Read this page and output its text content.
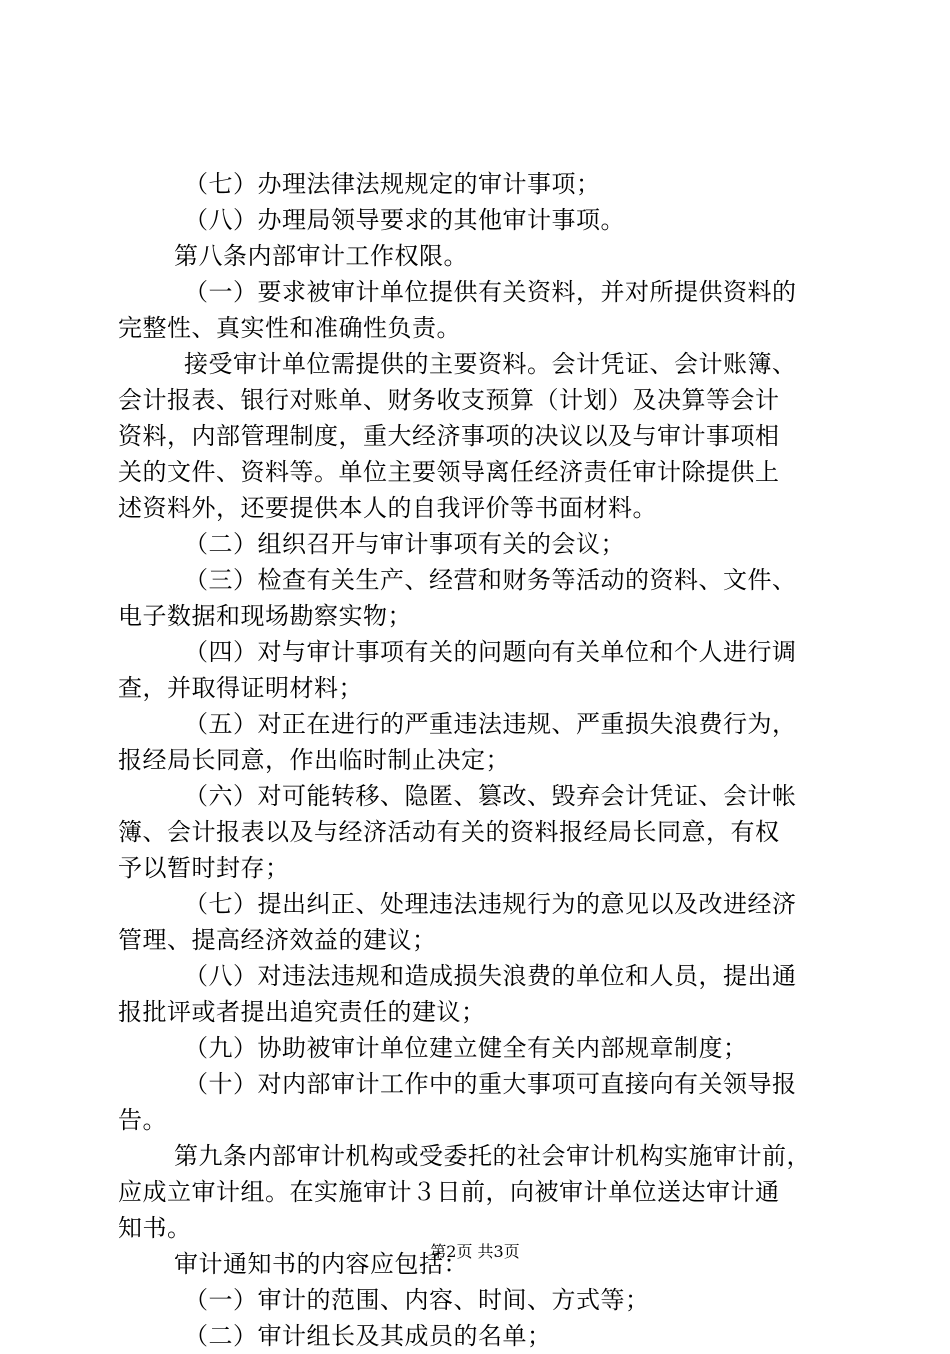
（七）办理法律法规规定的审计事项；
（八）办理局领导要求的其他审计事项。
第八条内部审计工作权限。
（一）要求被审计单位提供有关资料，并对所提供资料的
完整性、真实性和准确性负责。
接受审计单位需提供的主要资料。会计凭证、会计账簿、
会计报表、银行对账单、财务收支预算（计划）及决算等会计
资料，内部管理制度，重大经济事项的决议以及与审计事项相
关的文件、资料等。单位主要领导离任经济责任审计除提供上
述资料外，还要提供本人的自我评价等书面材料。
（二）组织召开与审计事项有关的会议；
（三）检查有关生产、经营和财务等活动的资料、文件、
电子数据和现场勘察实物；
（四）对与审计事项有关的问题向有关单位和个人进行调
查，并取得证明材料；
（五）对正在进行的严重违法违规、严重损失浪费行为，
报经局长同意，作出临时制止决定；
（六）对可能转移、隐匿、篡改、毁弃会计凭证、会计帐
簿、会计报表以及与经济活动有关的资料报经局长同意，有权
予以暂时封存；
（七）提出纠正、处理违法违规行为的意见以及改进经济
管理、提高经济效益的建议；
（八）对违法违规和造成损失浪费的单位和人员，提出通
报批评或者提出追究责任的建议；
（九）协助被审计单位建立健全有关内部规章制度；
（十）对内部审计工作中的重大事项可直接向有关领导报
告。
第九条内部审计机构或受委托的社会审计机构实施审计前，
应成立审计组。在实施审计３日前，向被审计单位送达审计通
知书。
审计通知书的内容应包括：
（一）审计的范围、内容、时间、方式等；
（二）审计组长及其成员的名单；
第2页 共3页
